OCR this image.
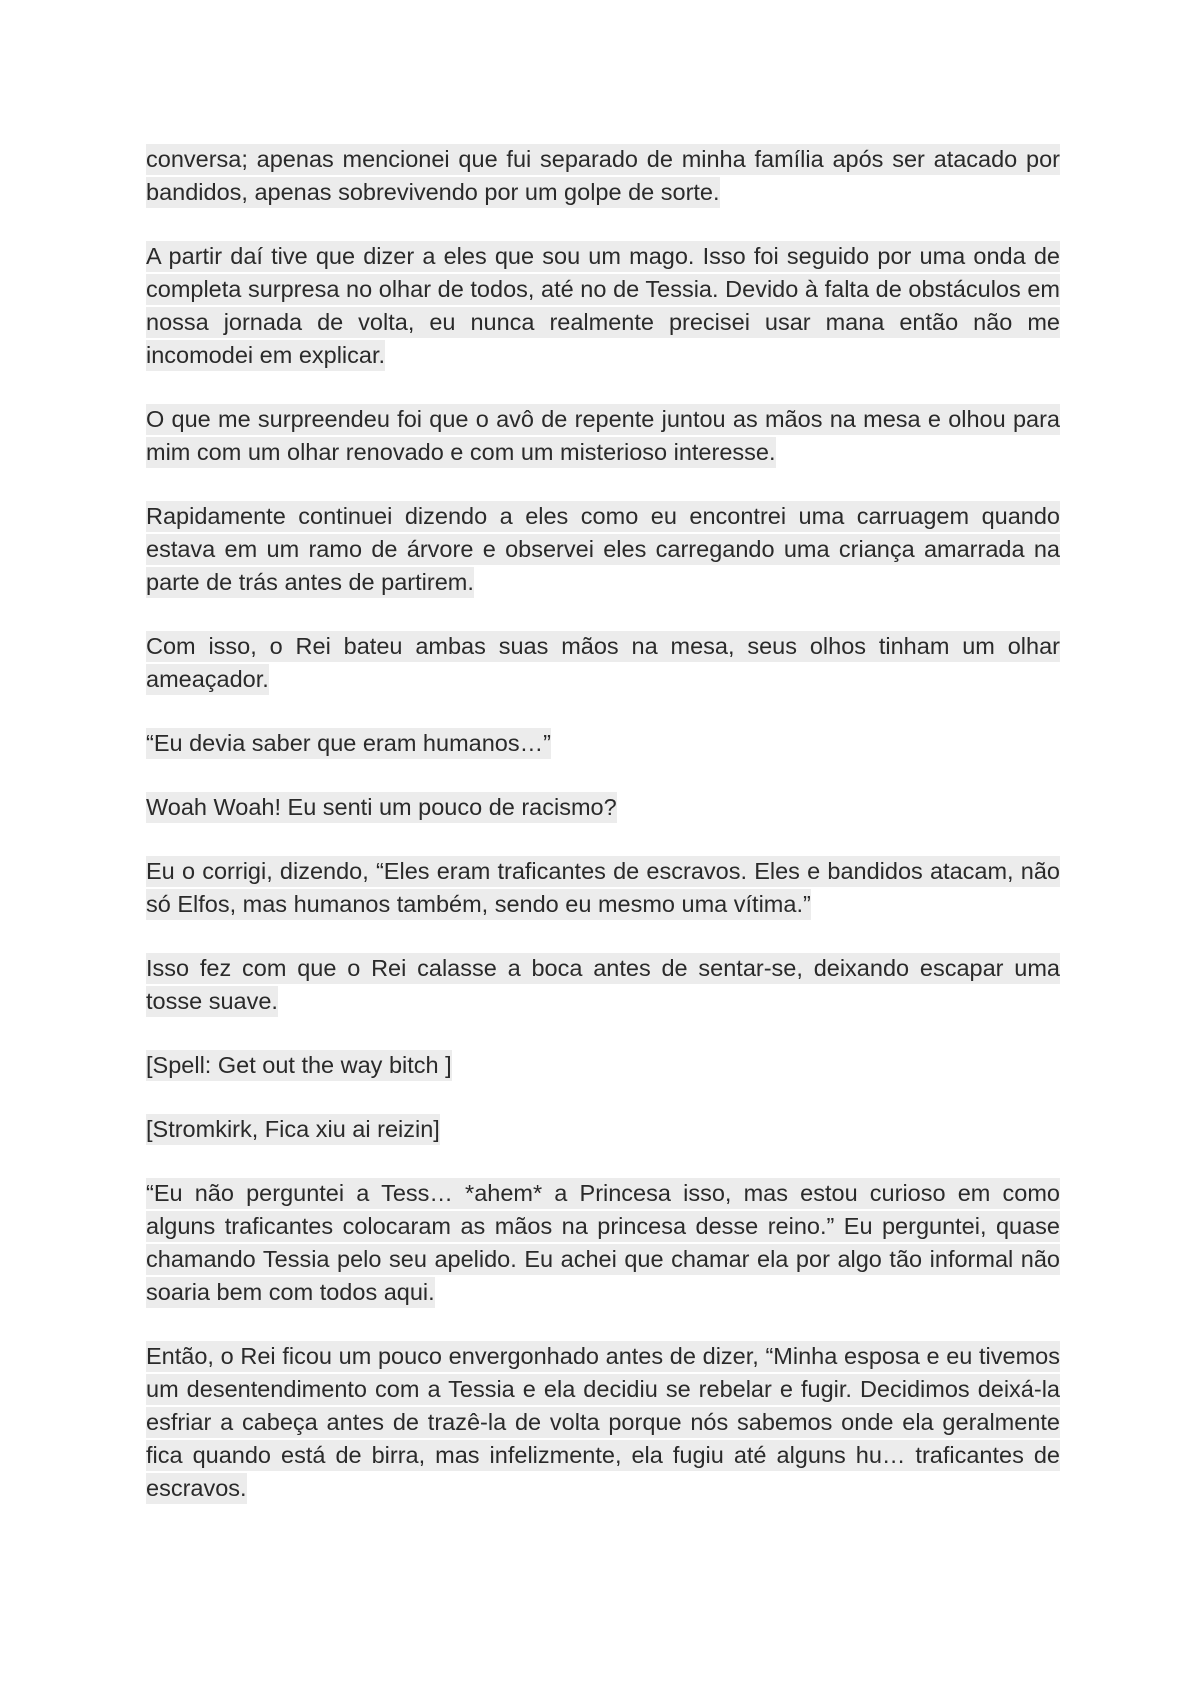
conversa; apenas mencionei que fui separado de minha família após ser atacado por bandidos, apenas sobrevivendo por um golpe de sorte.

A partir daí tive que dizer a eles que sou um mago. Isso foi seguido por uma onda de completa surpresa no olhar de todos, até no de Tessia. Devido à falta de obstáculos em nossa jornada de volta, eu nunca realmente precisei usar mana então não me incomodei em explicar.

O que me surpreendeu foi que o avô de repente juntou as mãos na mesa e olhou para mim com um olhar renovado e com um misterioso interesse.

Rapidamente continuei dizendo a eles como eu encontrei uma carruagem quando estava em um ramo de árvore e observei eles carregando uma criança amarrada na parte de trás antes de partirem.

Com isso, o Rei bateu ambas suas mãos na mesa, seus olhos tinham um olhar ameaçador.

“Eu devia saber que eram humanos…”

Woah Woah! Eu senti um pouco de racismo?

Eu o corrigi, dizendo, “Eles eram traficantes de escravos. Eles e bandidos atacam, não só Elfos, mas humanos também, sendo eu mesmo uma vítima.”

Isso fez com que o Rei calasse a boca antes de sentar-se, deixando escapar uma tosse suave.

[Spell: Get out the way bitch ]

[Stromkirk, Fica xiu ai reizin]

“Eu não perguntei a Tess… *ahem* a Princesa isso, mas estou curioso em como alguns traficantes colocaram as mãos na princesa desse reino.” Eu perguntei, quase chamando Tessia pelo seu apelido. Eu achei que chamar ela por algo tão informal não soaria bem com todos aqui.

Então, o Rei ficou um pouco envergonhado antes de dizer, “Minha esposa e eu tivemos um desentendimento com a Tessia e ela decidiu se rebelar e fugir. Decidimos deixá-la esfriar a cabeça antes de trazê-la de volta porque nós sabemos onde ela geralmente fica quando está de birra, mas infelizmente, ela fugiu até alguns hu… traficantes de escravos.
